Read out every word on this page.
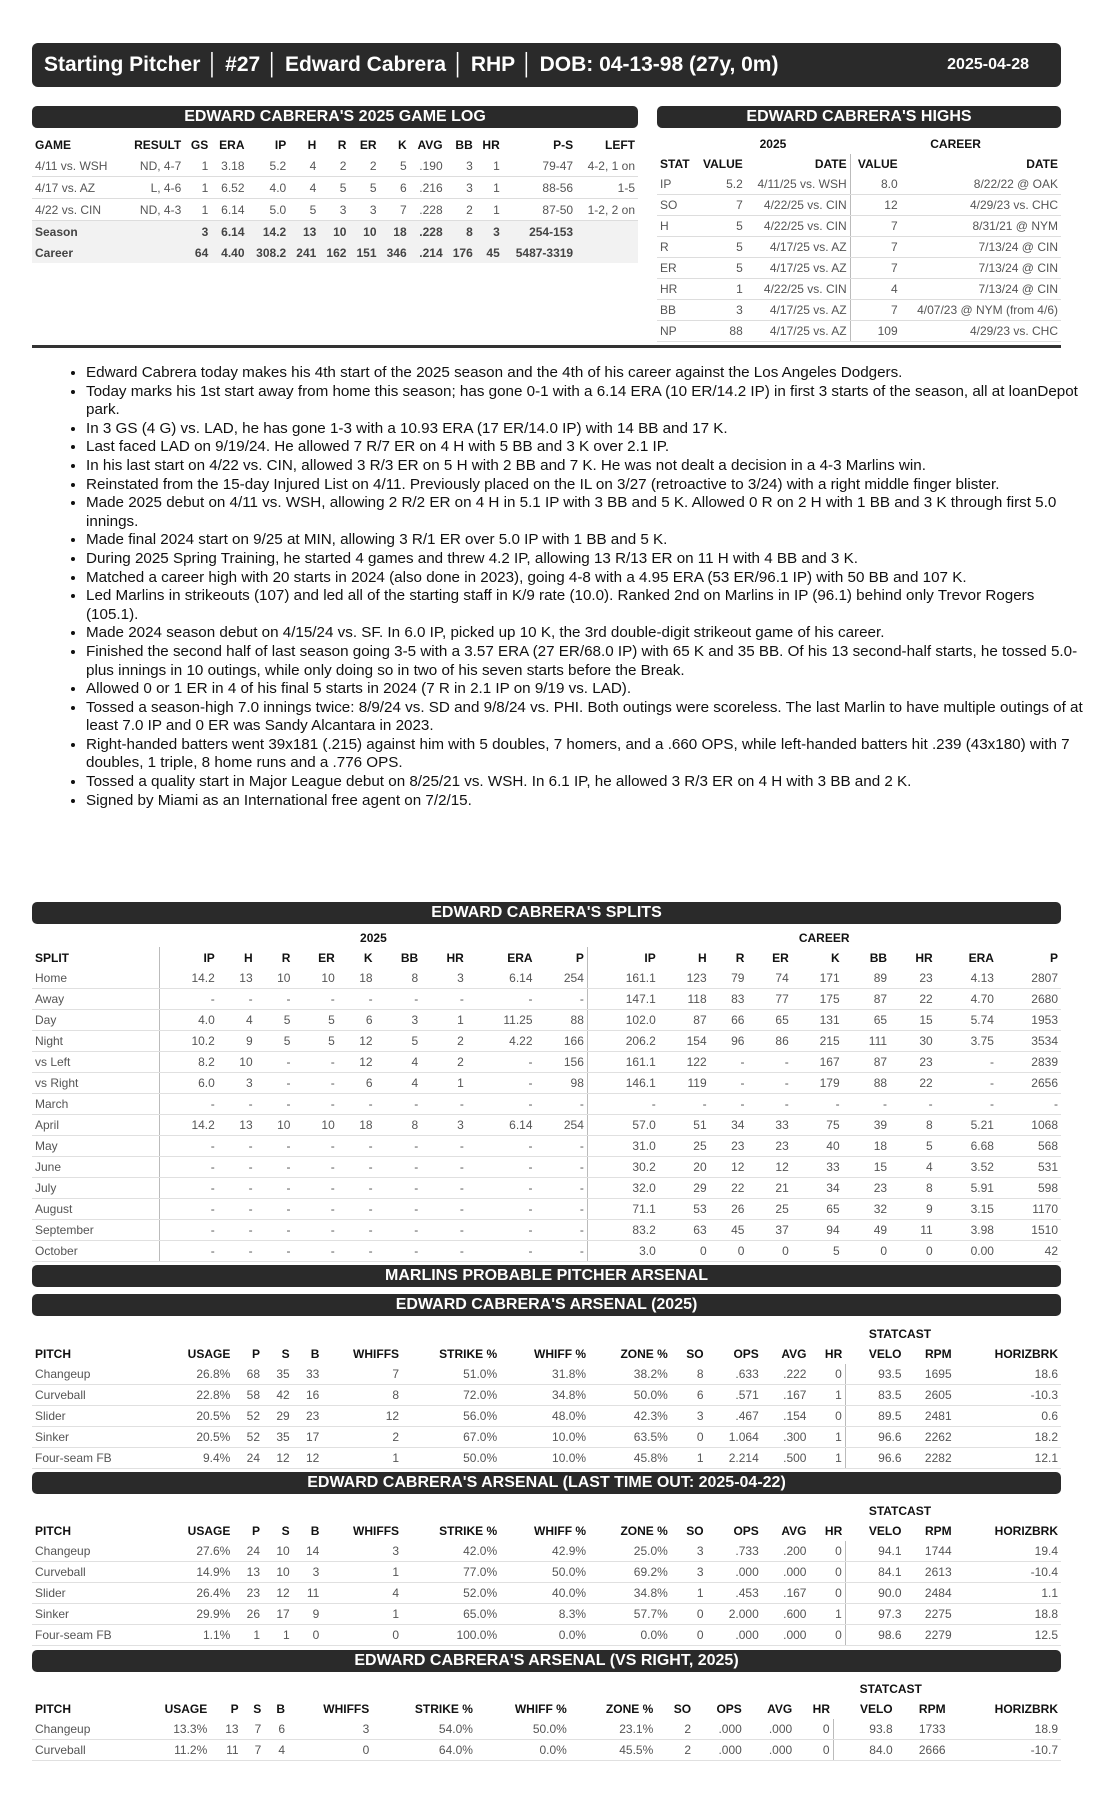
Starting Pitcher │ #27 │ Edward Cabrera │ RHP │ DOB: 04-13-98 (27y, 0m)	2025-04-28
EDWARD CABRERA'S 2025 GAME LOG
GAME	RESULT	GS	ERA	IP	H	R	ER	K	AVG	BB	HR	P-S	LEFT
4/11 vs. WSH	ND, 4-7	1	3.18	5.2	4	2	2	5	.190	3	1	79-47	4-2, 1 on
4/17 vs. AZ	L, 4-6	1	6.52	4.0	4	5	5	6	.216	3	1	88-56	1-5
4/22 vs. CIN	ND, 4-3	1	6.14	5.0	5	3	3	7	.228	2	1	87-50	1-2, 2 on
Season		3	6.14	14.2	13	10	10	18	.228	8	3	254-153	
Career		64	4.40	308.2	241	162	151	346	.214	176	45	5487-3319	
EDWARD CABRERA'S HIGHS
	2025		CAREER	
STAT	VALUE	DATE	VALUE	DATE
IP	5.2	4/11/25 vs. WSH	8.0	8/22/22 @ OAK
SO	7	4/22/25 vs. CIN	12	4/29/23 vs. CHC
H	5	4/22/25 vs. CIN	7	8/31/21 @ NYM
R	5	4/17/25 vs. AZ	7	7/13/24 @ CIN
ER	5	4/17/25 vs. AZ	7	7/13/24 @ CIN
HR	1	4/22/25 vs. CIN	4	7/13/24 @ CIN
BB	3	4/17/25 vs. AZ	7	4/07/23 @ NYM (from 4/6)
NP	88	4/17/25 vs. AZ	109	4/29/23 vs. CHC
• Edward Cabrera today makes his 4th start of the 2025 season and the 4th of his career against the Los Angeles Dodgers.
• Today marks his 1st start away from home this season; has gone 0-1 with a 6.14 ERA (10 ER/14.2 IP) in first 3 starts of the season, all at loanDepot park.
• In 3 GS (4 G) vs. LAD, he has gone 1-3 with a 10.93 ERA (17 ER/14.0 IP) with 14 BB and 17 K.
• Last faced LAD on 9/19/24. He allowed 7 R/7 ER on 4 H with 5 BB and 3 K over 2.1 IP.
• In his last start on 4/22 vs. CIN, allowed 3 R/3 ER on 5 H with 2 BB and 7 K. He was not dealt a decision in a 4-3 Marlins win.
• Reinstated from the 15-day Injured List on 4/11. Previously placed on the IL on 3/27 (retroactive to 3/24) with a right middle finger blister.
• Made 2025 debut on 4/11 vs. WSH, allowing 2 R/2 ER on 4 H in 5.1 IP with 3 BB and 5 K. Allowed 0 R on 2 H with 1 BB and 3 K through first 5.0 innings.
• Made final 2024 start on 9/25 at MIN, allowing 3 R/1 ER over 5.0 IP with 1 BB and 5 K.
• During 2025 Spring Training, he started 4 games and threw 4.2 IP, allowing 13 R/13 ER on 11 H with 4 BB and 3 K.
• Matched a career high with 20 starts in 2024 (also done in 2023), going 4-8 with a 4.95 ERA (53 ER/96.1 IP) with 50 BB and 107 K.
• Led Marlins in strikeouts (107) and led all of the starting staff in K/9 rate (10.0). Ranked 2nd on Marlins in IP (96.1) behind only Trevor Rogers (105.1).
• Made 2024 season debut on 4/15/24 vs. SF. In 6.0 IP, picked up 10 K, the 3rd double-digit strikeout game of his career.
• Finished the second half of last season going 3-5 with a 3.57 ERA (27 ER/68.0 IP) with 65 K and 35 BB. Of his 13 second-half starts, he tossed 5.0-plus innings in 10 outings, while only doing so in two of his seven starts before the Break.
• Allowed 0 or 1 ER in 4 of his final 5 starts in 2024 (7 R in 2.1 IP on 9/19 vs. LAD).
• Tossed a season-high 7.0 innings twice: 8/9/24 vs. SD and 9/8/24 vs. PHI. Both outings were scoreless. The last Marlin to have multiple outings of at least 7.0 IP and 0 ER was Sandy Alcantara in 2023.
• Right-handed batters went 39x181 (.215) against him with 5 doubles, 7 homers, and a .660 OPS, while left-handed batters hit .239 (43x180) with 7 doubles, 1 triple, 8 home runs and a .776 OPS.
• Tossed a quality start in Major League debut on 8/25/21 vs. WSH. In 6.1 IP, he allowed 3 R/3 ER on 4 H with 3 BB and 2 K.
• Signed by Miami as an International free agent on 7/2/15.
EDWARD CABRERA'S SPLITS
	2025									CAREER								
SPLIT	IP	H	R	ER	K	BB	HR	ERA	P	IP	H	R	ER	K	BB	HR	ERA	P
Home	14.2	13	10	10	18	8	3	6.14	254	161.1	123	79	74	171	89	23	4.13	2807
Away	-	-	-	-	-	-	-	-	-	147.1	118	83	77	175	87	22	4.70	2680
Day	4.0	4	5	5	6	3	1	11.25	88	102.0	87	66	65	131	65	15	5.74	1953
Night	10.2	9	5	5	12	5	2	4.22	166	206.2	154	96	86	215	111	30	3.75	3534
vs Left	8.2	10	-	-	12	4	2	-	156	161.1	122	-	-	167	87	23	-	2839
vs Right	6.0	3	-	-	6	4	1	-	98	146.1	119	-	-	179	88	22	-	2656
March	-	-	-	-	-	-	-	-	-	-	-	-	-	-	-	-	-	-
April	14.2	13	10	10	18	8	3	6.14	254	57.0	51	34	33	75	39	8	5.21	1068
May	-	-	-	-	-	-	-	-	-	31.0	25	23	23	40	18	5	6.68	568
June	-	-	-	-	-	-	-	-	-	30.2	20	12	12	33	15	4	3.52	531
July	-	-	-	-	-	-	-	-	-	32.0	29	22	21	34	23	8	5.91	598
August	-	-	-	-	-	-	-	-	-	71.1	53	26	25	65	32	9	3.15	1170
September	-	-	-	-	-	-	-	-	-	83.2	63	45	37	94	49	11	3.98	1510
October	-	-	-	-	-	-	-	-	-	3.0	0	0	0	5	0	0	0.00	42
MARLINS PROBABLE PITCHER ARSENAL
EDWARD CABRERA'S ARSENAL (2025)
													STATCAST		
PITCH	USAGE	P	S	B	WHIFFS	STRIKE %	WHIFF %	ZONE %	SO	OPS	AVG	HR	VELO	RPM	HORIZBRK
Changeup	26.8%	68	35	33	7	51.0%	31.8%	38.2%	8	.633	.222	0	93.5	1695	18.6
Curveball	22.8%	58	42	16	8	72.0%	34.8%	50.0%	6	.571	.167	1	83.5	2605	-10.3
Slider	20.5%	52	29	23	12	56.0%	48.0%	42.3%	3	.467	.154	0	89.5	2481	0.6
Sinker	20.5%	52	35	17	2	67.0%	10.0%	63.5%	0	1.064	.300	1	96.6	2262	18.2
Four-seam FB	9.4%	24	12	12	1	50.0%	10.0%	45.8%	1	2.214	.500	1	96.6	2282	12.1
EDWARD CABRERA'S ARSENAL (LAST TIME OUT: 2025-04-22)
													STATCAST		
PITCH	USAGE	P	S	B	WHIFFS	STRIKE %	WHIFF %	ZONE %	SO	OPS	AVG	HR	VELO	RPM	HORIZBRK
Changeup	27.6%	24	10	14	3	42.0%	42.9%	25.0%	3	.733	.200	0	94.1	1744	19.4
Curveball	14.9%	13	10	3	1	77.0%	50.0%	69.2%	3	.000	.000	0	84.1	2613	-10.4
Slider	26.4%	23	12	11	4	52.0%	40.0%	34.8%	1	.453	.167	0	90.0	2484	1.1
Sinker	29.9%	26	17	9	1	65.0%	8.3%	57.7%	0	2.000	.600	1	97.3	2275	18.8
Four-seam FB	1.1%	1	1	0	0	100.0%	0.0%	0.0%	0	.000	.000	0	98.6	2279	12.5
EDWARD CABRERA'S ARSENAL (VS RIGHT, 2025)
													STATCAST		
PITCH	USAGE	P	S	B	WHIFFS	STRIKE %	WHIFF %	ZONE %	SO	OPS	AVG	HR	VELO	RPM	HORIZBRK
Changeup	13.3%	13	7	6	3	54.0%	50.0%	23.1%	2	.000	.000	0	93.8	1733	18.9
Curveball	11.2%	11	7	4	0	64.0%	0.0%	45.5%	2	.000	.000	0	84.0	2666	-10.7
